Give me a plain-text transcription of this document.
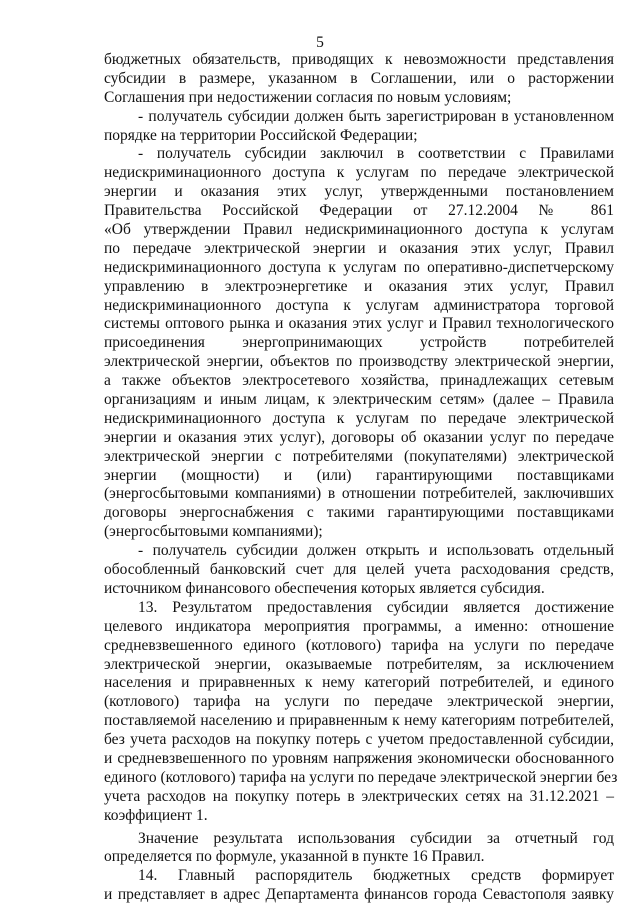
5
бюджетных обязательств, приводящих к невозможности представления
субсидии в размере, указанном в Соглашении, или о расторжении
Соглашения при недостижении согласия по новым условиям;
- получатель субсидии должен быть зарегистрирован в установленном
порядке на территории Российской Федерации;
- получатель субсидии заключил в соответствии с Правилами
недискриминационного доступа к услугам по передаче электрической
энергии и оказания этих услуг, утвержденными постановлением
Правительства Российской Федерации от 27.12.2004 № 861
«Об утверждении Правил недискриминационного доступа к услугам
по передаче электрической энергии и оказания этих услуг, Правил
недискриминационного доступа к услугам по оперативно-диспетчерскому
управлению в электроэнергетике и оказания этих услуг, Правил
недискриминационного доступа к услугам администратора торговой
системы оптового рынка и оказания этих услуг и Правил технологического
присоединения энергопринимающих устройств потребителей
электрической энергии, объектов по производству электрической энергии,
а также объектов электросетевого хозяйства, принадлежащих сетевым
организациям и иным лицам, к электрическим сетям» (далее – Правила
недискриминационного доступа к услугам по передаче электрической
энергии и оказания этих услуг), договоры об оказании услуг по передаче
электрической энергии с потребителями (покупателями) электрической
энергии (мощности) и (или) гарантирующими поставщиками
(энергосбытовыми компаниями) в отношении потребителей, заключивших
договоры энергоснабжения с такими гарантирующими поставщиками
(энергосбытовыми компаниями);
- получатель субсидии должен открыть и использовать отдельный
обособленный банковский счет для целей учета расходования средств,
источником финансового обеспечения которых является субсидия.
13. Результатом предоставления субсидии является достижение
целевого индикатора мероприятия программы, а именно: отношение
средневзвешенного единого (котлового) тарифа на услуги по передаче
электрической энергии, оказываемые потребителям, за исключением
населения и приравненных к нему категорий потребителей, и единого
(котлового) тарифа на услуги по передаче электрической энергии,
поставляемой населению и приравненным к нему категориям потребителей,
без учета расходов на покупку потерь с учетом предоставленной субсидии,
и средневзвешенного по уровням напряжения экономически обоснованного
единого (котлового) тарифа на услуги по передаче электрической энергии без
учета расходов на покупку потерь в электрических сетях на 31.12.2021 –
коэффициент 1.
Значение результата использования субсидии за отчетный год
определяется по формуле, указанной в пункте 16 Правил.
14. Главный распорядитель бюджетных средств формирует
и представляет в адрес Департамента финансов города Севастополя заявку
